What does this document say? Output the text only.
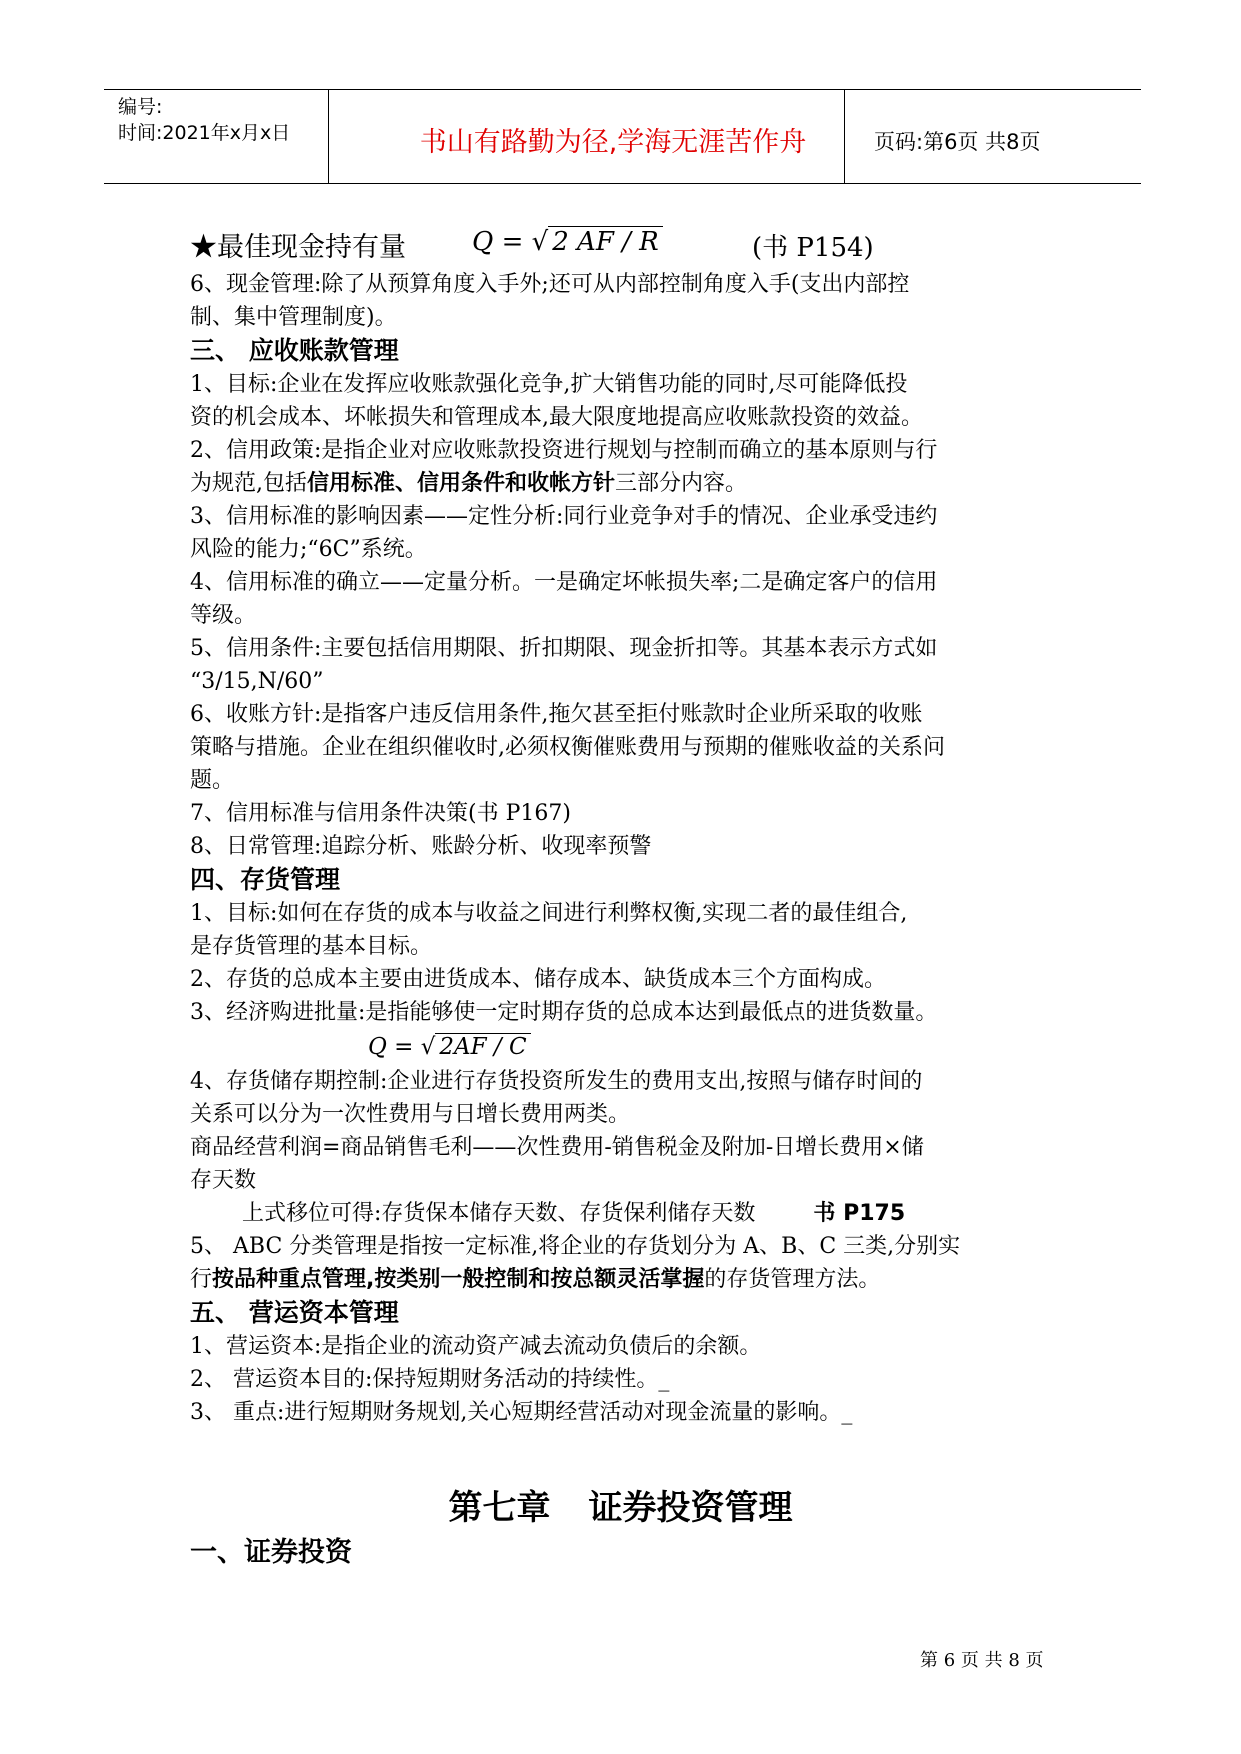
编号:
时间:2021年x月x日	书山有路勤为径,学海无涯苦作舟	页码:第6页 共8页
★最佳现金持有量	Q = √ 2 AF / R	(书 P154)
6、现金管理:除了从预算角度入手外;还可从内部控制角度入手(支出内部控
制、集中管理制度)。
三、 应收账款管理
1、目标:企业在发挥应收账款强化竞争,扩大销售功能的同时,尽可能降低投
资的机会成本、坏帐损失和管理成本,最大限度地提高应收账款投资的效益。
2、信用政策:是指企业对应收账款投资进行规划与控制而确立的基本原则与行
为规范,包括信用标准、信用条件和收帐方针三部分内容。
3、信用标准的影响因素——定性分析:同行业竞争对手的情况、企业承受违约
风险的能力;“6C”系统。
4、信用标准的确立——定量分析。一是确定坏帐损失率;二是确定客户的信用
等级。
5、信用条件:主要包括信用期限、折扣期限、现金折扣等。其基本表示方式如
“3/15,N/60”
6、收账方针:是指客户违反信用条件,拖欠甚至拒付账款时企业所采取的收账
策略与措施。企业在组织催收时,必须权衡催账费用与预期的催账收益的关系问
题。
7、信用标准与信用条件决策(书 P167)
8、日常管理:追踪分析、账龄分析、收现率预警
四、存货管理
1、目标:如何在存货的成本与收益之间进行利弊权衡,实现二者的最佳组合,
是存货管理的基本目标。
2、存货的总成本主要由进货成本、储存成本、缺货成本三个方面构成。
3、经济购进批量:是指能够使一定时期存货的总成本达到最低点的进货数量。
Q = √ 2AF / C
4、存货储存期控制:企业进行存货投资所发生的费用支出,按照与储存时间的
关系可以分为一次性费用与日增长费用两类。
商品经营利润=商品销售毛利——次性费用-销售税金及附加-日增长费用×储
存天数
上式移位可得:存货保本储存天数、存货保利储存天数	书 P175
5、 ABC 分类管理是指按一定标准,将企业的存货划分为 A、B、C 三类,分别实
行按品种重点管理,按类别一般控制和按总额灵活掌握的存货管理方法。
五、 营运资本管理
1、营运资本:是指企业的流动资产减去流动负债后的余额。
2、 营运资本目的:保持短期财务活动的持续性。_
3、 重点:进行短期财务规划,关心短期经营活动对现金流量的影响。_
第七章 证券投资管理
一、证券投资
第 6 页 共 8 页
